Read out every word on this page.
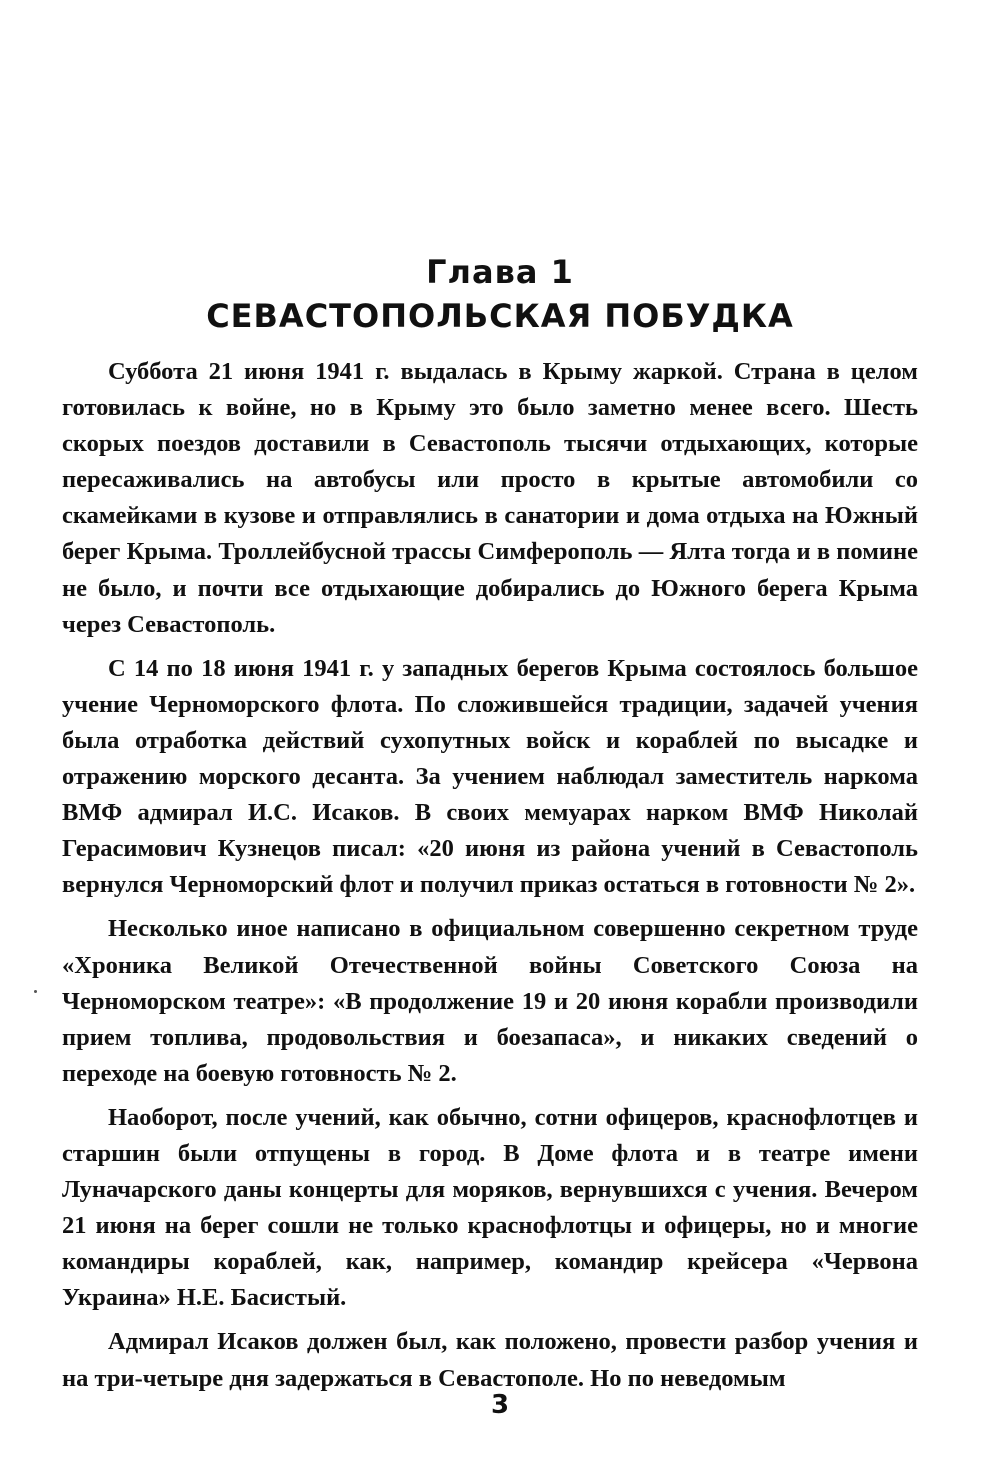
Глава 1
СЕВАСТОПОЛЬСКАЯ ПОБУДКА

Суббота 21 июня 1941 г. выдалась в Крыму жаркой. Страна в целом готовилась к войне, но в Крыму это было заметно менее всего. Шесть скорых поездов доставили в Севастополь тысячи отдыхающих, которые пересаживались на автобусы или просто в крытые автомобили со скамейками в кузове и отправлялись в санатории и дома отдыха на Южный берег Крыма. Троллейбусной трассы Симферополь — Ялта тогда и в помине не было, и почти все отдыхающие добирались до Южного берега Крыма через Севастополь.

С 14 по 18 июня 1941 г. у западных берегов Крыма состоялось большое учение Черноморского флота. По сложившейся традиции, задачей учения была отработка действий сухопутных войск и кораблей по высадке и отражению морского десанта. За учением наблюдал заместитель наркома ВМФ адмирал И.С. Исаков. В своих мемуарах нарком ВМФ Николай Герасимович Кузнецов писал: «20 июня из района учений в Севастополь вернулся Черноморский флот и получил приказ остаться в готовности № 2».

Несколько иное написано в официальном совершенно секретном труде «Хроника Великой Отечественной войны Советского Союза на Черноморском театре»: «В продолжение 19 и 20 июня корабли производили прием топлива, продовольствия и боезапаса», и никаких сведений о переходе на боевую готовность № 2.

Наоборот, после учений, как обычно, сотни офицеров, краснофлотцев и старшин были отпущены в город. В Доме флота и в театре имени Луначарского даны концерты для моряков, вернувшихся с учения. Вечером 21 июня на берег сошли не только краснофлотцы и офицеры, но и многие командиры кораблей, как, например, командир крейсера «Червона Украина» Н.Е. Басистый.

Адмирал Исаков должен был, как положено, провести разбор учения и на три-четыре дня задержаться в Севастополе. Но по неведомым

3
